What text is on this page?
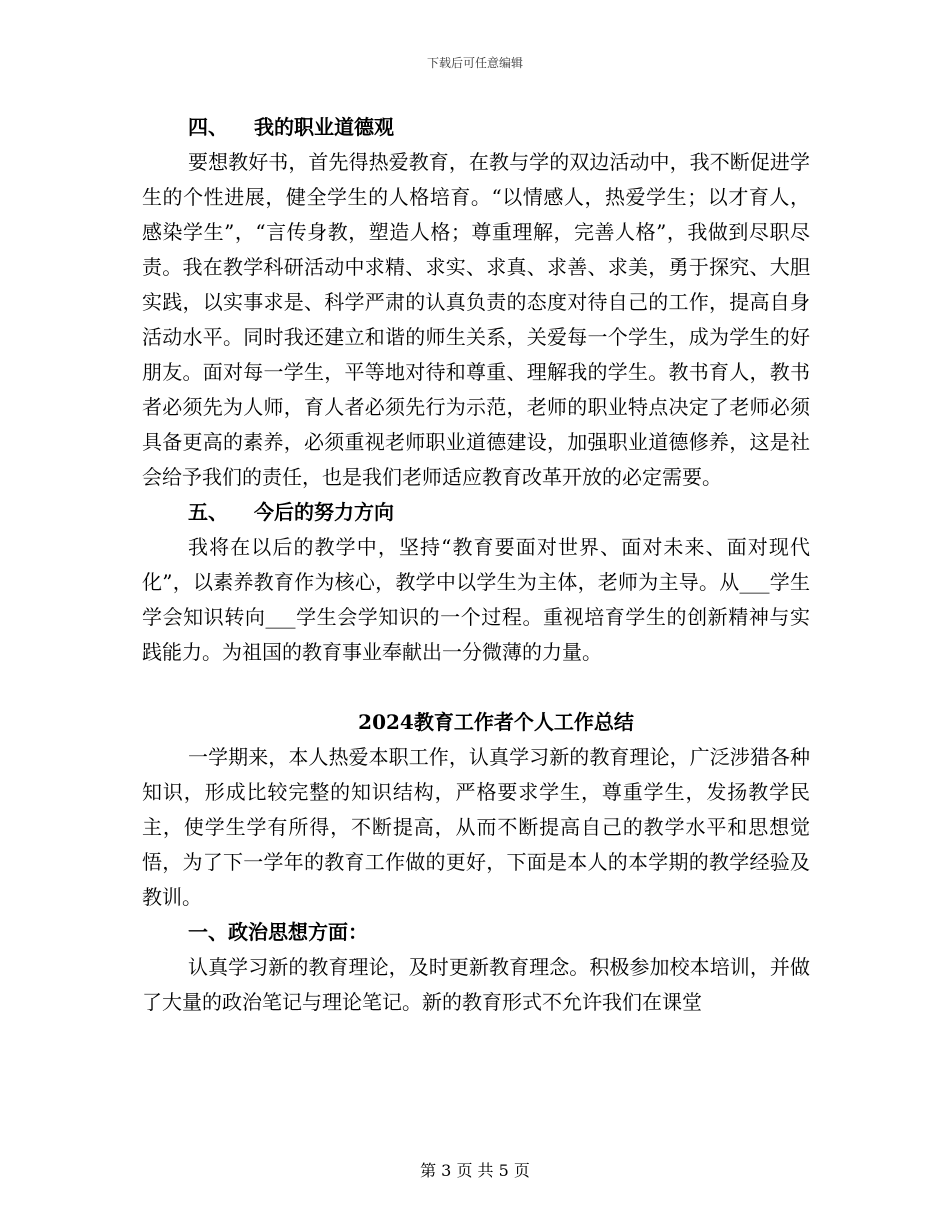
下载后可任意编辑
四、 我的职业道德观

要想教好书，首先得热爱教育，在教与学的双边活动中，我不断促进学生的个性进展，健全学生的人格培育。“以情感人，热爱学生；以才育人，感染学生”，“言传身教，塑造人格；尊重理解，完善人格”，我做到尽职尽责。我在教学科研活动中求精、求实、求真、求善、求美，勇于探究、大胆实践，以实事求是、科学严肃的认真负责的态度对待自己的工作，提高自身活动水平。同时我还建立和谐的师生关系，关爱每一个学生，成为学生的好朋友。面对每一学生，平等地对待和尊重、理解我的学生。教书育人，教书者必须先为人师，育人者必须先行为示范，老师的职业特点决定了老师必须具备更高的素养，必须重视老师职业道德建设，加强职业道德修养，这是社会给予我们的责任，也是我们老师适应教育改革开放的必定需要。

五、 今后的努力方向

我将在以后的教学中，坚持“教育要面对世界、面对未来、面对现代化”，以素养教育作为核心，教学中以学生为主体，老师为主导。从___学生学会知识转向___学生会学知识的一个过程。重视培育学生的创新精神与实践能力。为祖国的教育事业奉献出一分微薄的力量。

2024教育工作者个人工作总结

一学期来，本人热爱本职工作，认真学习新的教育理论，广泛涉猎各种知识，形成比较完整的知识结构，严格要求学生，尊重学生，发扬教学民主，使学生学有所得，不断提高，从而不断提高自己的教学水平和思想觉悟，为了下一学年的教育工作做的更好，下面是本人的本学期的教学经验及教训。

一、政治思想方面：

认真学习新的教育理论，及时更新教育理念。积极参加校本培训，并做了大量的政治笔记与理论笔记。新的教育形式不允许我们在课堂

第 3 页 共 5 页
